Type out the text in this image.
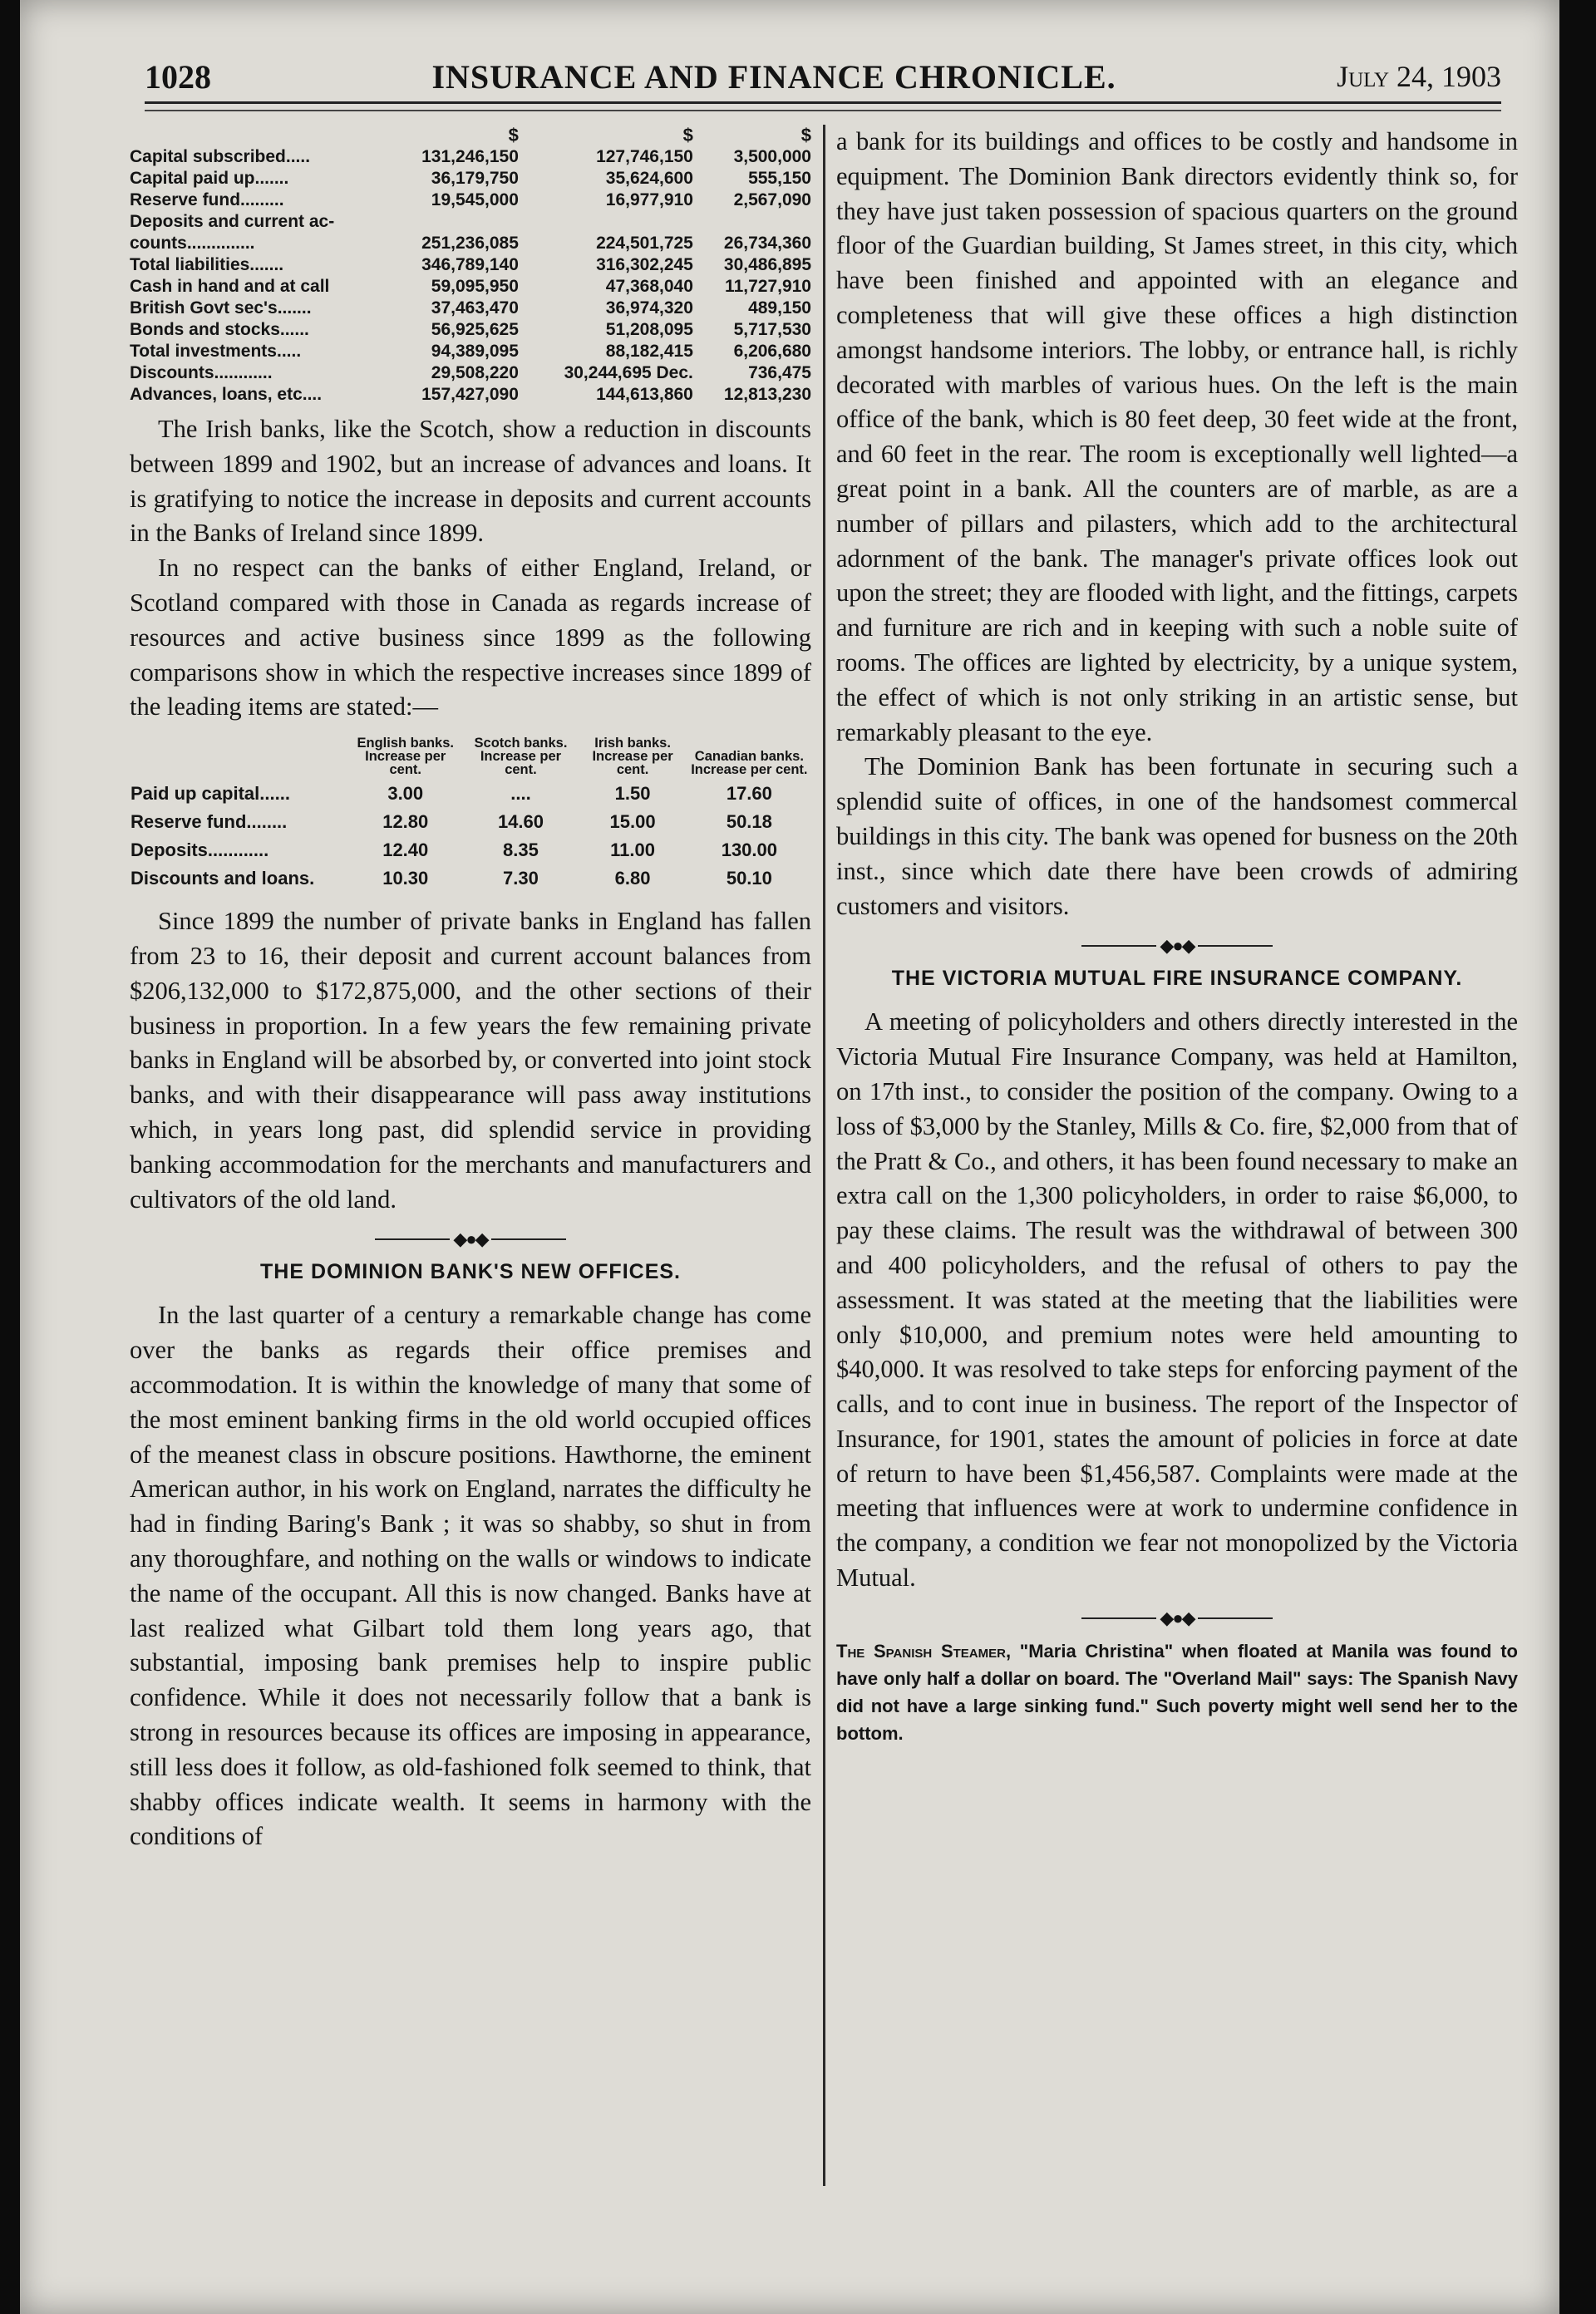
1028	INSURANCE AND FINANCE CHRONICLE.	July 24, 1903
	$	$	$
Capital subscribed.....	131,246,150	127,746,150	3,500,000
Capital paid up.......	36,179,750	35,624,600	555,150
Reserve fund.........	19,545,000	16,977,910	2,567,090
Deposits and current ac-			
counts..............	251,236,085	224,501,725	26,734,360
Total liabilities.......	346,789,140	316,302,245	30,486,895
Cash in hand and at call	59,095,950	47,368,040	11,727,910
British Govt sec's.......	37,463,470	36,974,320	489,150
Bonds and stocks......	56,925,625	51,208,095	5,717,530
Total investments.....	94,389,095	88,182,415	6,206,680
Discounts............	29,508,220	30,244,695 Dec.	736,475
Advances, loans, etc....	157,427,090	144,613,860	12,813,230

The Irish banks, like the Scotch, show a reduction in discounts between 1899 and 1902, but an increase of advances and loans. It is gratifying to notice the increase in deposits and current accounts in the Banks of Ireland since 1899.

In no respect can the banks of either England, Ireland, or Scotland compared with those in Canada as regards increase of resources and active business since 1899 as the following comparisons show in which the respective increases since 1899 of the leading items are stated:—

	English banks. Increase per cent.	Scotch banks. Increase per cent.	Irish banks. Increase per cent.	Canadian banks. Increase per cent.
Paid up capital......	3.00	....	1.50	17.60
Reserve fund........	12.80	14.60	15.00	50.18
Deposits............	12.40	8.35	11.00	130.00
Discounts and loans.	10.30	7.30	6.80	50.10

Since 1899 the number of private banks in England has fallen from 23 to 16, their deposit and current account balances from $206,132,000 to $172,875,000, and the other sections of their business in proportion. In a few years the few remaining private banks in England will be absorbed by, or converted into joint stock banks, and with their disappearance will pass away institutions which, in years long past, did splendid service in providing banking accommodation for the merchants and manufacturers and cultivators of the old land.

◆●◆
THE DOMINION BANK'S NEW OFFICES.

In the last quarter of a century a remarkable change has come over the banks as regards their office premises and accommodation. It is within the knowledge of many that some of the most eminent banking firms in the old world occupied offices of the meanest class in obscure positions. Hawthorne, the eminent American author, in his work on England, narrates the difficulty he had in finding Baring's Bank ; it was so shabby, so shut in from any thoroughfare, and nothing on the walls or windows to indicate the name of the occupant. All this is now changed. Banks have at last realized what Gilbart told them long years ago, that substantial, imposing bank premises help to inspire public confidence. While it does not necessarily follow that a bank is strong in resources because its offices are imposing in appearance, still less does it follow, as old-fashioned folk seemed to think, that shabby offices indicate wealth. It seems in harmony with the conditions of

a bank for its buildings and offices to be costly and handsome in equipment. The Dominion Bank directors evidently think so, for they have just taken possession of spacious quarters on the ground floor of the Guardian building, St James street, in this city, which have been finished and appointed with an elegance and completeness that will give these offices a high distinction amongst handsome interiors. The lobby, or entrance hall, is richly decorated with marbles of various hues. On the left is the main office of the bank, which is 80 feet deep, 30 feet wide at the front, and 60 feet in the rear. The room is exceptionally well lighted—a great point in a bank. All the counters are of marble, as are a number of pillars and pilasters, which add to the architectural adornment of the bank. The manager's private offices look out upon the street; they are flooded with light, and the fittings, carpets and furniture are rich and in keeping with such a noble suite of rooms. The offices are lighted by electricity, by a unique system, the effect of which is not only striking in an artistic sense, but remarkably pleasant to the eye.

The Dominion Bank has been fortunate in securing such a splendid suite of offices, in one of the handsomest commercal buildings in this city. The bank was opened for busness on the 20th inst., since which date there have been crowds of admiring customers and visitors.

◆●◆
THE VICTORIA MUTUAL FIRE INSURANCE COMPANY.

A meeting of policyholders and others directly interested in the Victoria Mutual Fire Insurance Company, was held at Hamilton, on 17th inst., to consider the position of the company. Owing to a loss of $3,000 by the Stanley, Mills & Co. fire, $2,000 from that of the Pratt & Co., and others, it has been found necessary to make an extra call on the 1,300 policyholders, in order to raise $6,000, to pay these claims. The result was the withdrawal of between 300 and 400 policyholders, and the refusal of others to pay the assessment. It was stated at the meeting that the liabilities were only $10,000, and premium notes were held amounting to $40,000. It was resolved to take steps for enforcing payment of the calls, and to cont inue in business. The report of the Inspector of Insurance, for 1901, states the amount of policies in force at date of return to have been $1,456,587. Complaints were made at the meeting that influences were at work to undermine confidence in the company, a condition we fear not monopolized by the Victoria Mutual.

◆●◆
The Spanish Steamer, "Maria Christina" when floated at Manila was found to have only half a dollar on board. The "Overland Mail" says: The Spanish Navy did not have a large sinking fund." Such poverty might well send her to the bottom.
